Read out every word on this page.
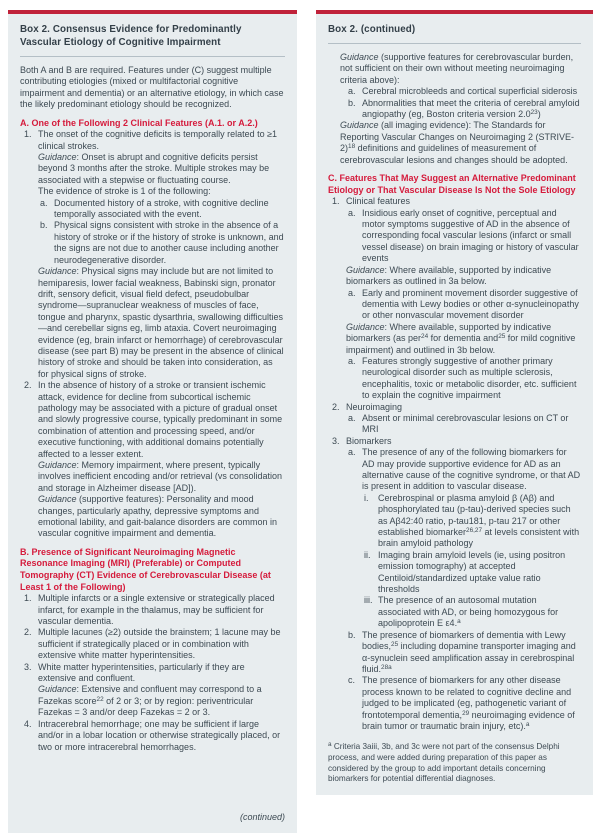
Box 2. Consensus Evidence for Predominantly Vascular Etiology of Cognitive Impairment
Both A and B are required. Features under (C) suggest multiple contributing etiologies (mixed or multifactorial cognitive impairment and dementia) or an alternative etiology, in which case the likely predominant etiology should be recognized.
A. One of the Following 2 Clinical Features (A.1. or A.2.)
1. The onset of the cognitive deficits is temporally related to ≥1 clinical strokes.
Guidance: Onset is abrupt and cognitive deficits persist beyond 3 months after the stroke. Multiple strokes may be associated with a stepwise or fluctuating course.
The evidence of stroke is 1 of the following:
a. Documented history of a stroke, with cognitive decline temporally associated with the event.
b. Physical signs consistent with stroke in the absence of a history of stroke or if the history of stroke is unknown, and the signs are not due to another cause including another neurodegenerative disorder.
Guidance: Physical signs may include but are not limited to hemiparesis, lower facial weakness, Babinski sign, pronator drift, sensory deficit, visual field defect, pseudobulbar syndrome—supranuclear weakness of muscles of face, tongue and pharynx, spastic dysarthria, swallowing difficulties—and cerebellar signs eg, limb ataxia. Covert neuroimaging evidence (eg, brain infarct or hemorrhage) of cerebrovascular disease (see part B) may be present in the absence of clinical history of stroke and should be taken into consideration, as for physical signs of stroke.
2. In the absence of history of a stroke or transient ischemic attack, evidence for decline from subcortical ischemic pathology may be associated with a picture of gradual onset and slowly progressive course, typically predominant in some combination of attention and processing speed, and/or executive functioning, with additional domains potentially affected to a lesser extent.
Guidance: Memory impairment, where present, typically involves inefficient encoding and/or retrieval (vs consolidation and storage in Alzheimer disease [AD]).
Guidance (supportive features): Personality and mood changes, particularly apathy, depressive symptoms and emotional lability, and gait-balance disorders are common in vascular cognitive impairment and dementia.
B. Presence of Significant Neuroimaging Magnetic Resonance Imaging (MRI) (Preferable) or Computed Tomography (CT) Evidence of Cerebrovascular Disease (at Least 1 of the Following)
1. Multiple infarcts or a single extensive or strategically placed infarct, for example in the thalamus, may be sufficient for vascular dementia.
2. Multiple lacunes (≥2) outside the brainstem; 1 lacune may be sufficient if strategically placed or in combination with extensive white matter hyperintensities.
3. White matter hyperintensities, particularly if they are extensive and confluent.
Guidance: Extensive and confluent may correspond to a Fazekas score$^{22}$ of 2 or 3; or by region: periventricular Fazekas = 3 and/or deep Fazekas = 2 or 3.
4. Intracerebral hemorrhage; one may be sufficient if large and/or in a lobar location or otherwise strategically placed, or two or more intracerebral hemorrhages.
(continued)
Box 2. (continued)
Guidance (supportive features for cerebrovascular burden, not sufficient on their own without meeting neuroimaging criteria above):
a. Cerebral microbleeds and cortical superficial siderosis
b. Abnormalities that meet the criteria of cerebral amyloid angiopathy (eg, Boston criteria version $2.0^{23}$)
Guidance (all imaging evidence): The Standards for Reporting Vascular Changes on Neuroimaging 2 (STRIVE-2)$^{18}$ definitions and guidelines of measurement of cerebrovascular lesions and changes should be adopted.
C. Features That May Suggest an Alternative Predominant Etiology or That Vascular Disease Is Not the Sole Etiology
1. Clinical features
a. Insidious early onset of cognitive, perceptual and motor symptoms suggestive of AD in the absence of corresponding focal vascular lesions (infarct or small vessel disease) on brain imaging or history of vascular events
Guidance: Where available, supported by indicative biomarkers as outlined in 3a below.
a. Early and prominent movement disorder suggestive of dementia with Lewy bodies or other α-synucleinopathy or other nonvascular movement disorder
Guidance: Where available, supported by indicative biomarkers (as per$^{24}$ for dementia and$^{25}$ for mild cognitive impairment) and outlined in 3b below.
a. Features strongly suggestive of another primary neurological disorder such as multiple sclerosis, encephalitis, toxic or metabolic disorder, etc. sufficient to explain the cognitive impairment
2. Neuroimaging
a. Absent or minimal cerebrovascular lesions on CT or MRI
3. Biomarkers
a. The presence of any of the following biomarkers for AD may provide supportive evidence for AD as an alternative cause of the cognitive syndrome, or that AD is present in addition to vascular disease.
i. Cerebrospinal or plasma amyloid β (Aβ) and phosphorylated tau (p-tau)-derived species such as Aβ42:40 ratio, p-tau181, p-tau 217 or other established biomarker$^{26,27}$ at levels consistent with brain amyloid pathology
ii. Imaging brain amyloid levels (ie, using positron emission tomography) at accepted Centiloid/standardized uptake value ratio thresholds
iii. The presence of an autosomal mutation associated with AD, or being homozygous for apolipoprotein E ε4.$^a$
b. The presence of biomarkers of dementia with Lewy bodies,$^{25}$ including dopamine transporter imaging and α-synuclein seed amplification assay in cerebrospinal fluid.$^{28a}$
c. The presence of biomarkers for any other disease process known to be related to cognitive decline and judged to be implicated (eg, pathogenetic variant of frontotemporal dementia,$^{29}$ neuroimaging evidence of brain tumor or traumatic brain injury, etc).$^a$
$^a$ Criteria 3aiii, 3b, and 3c were not part of the consensus Delphi process, and were added during preparation of this paper as considered by the group to add important details concerning biomarkers for potential differential diagnoses.
